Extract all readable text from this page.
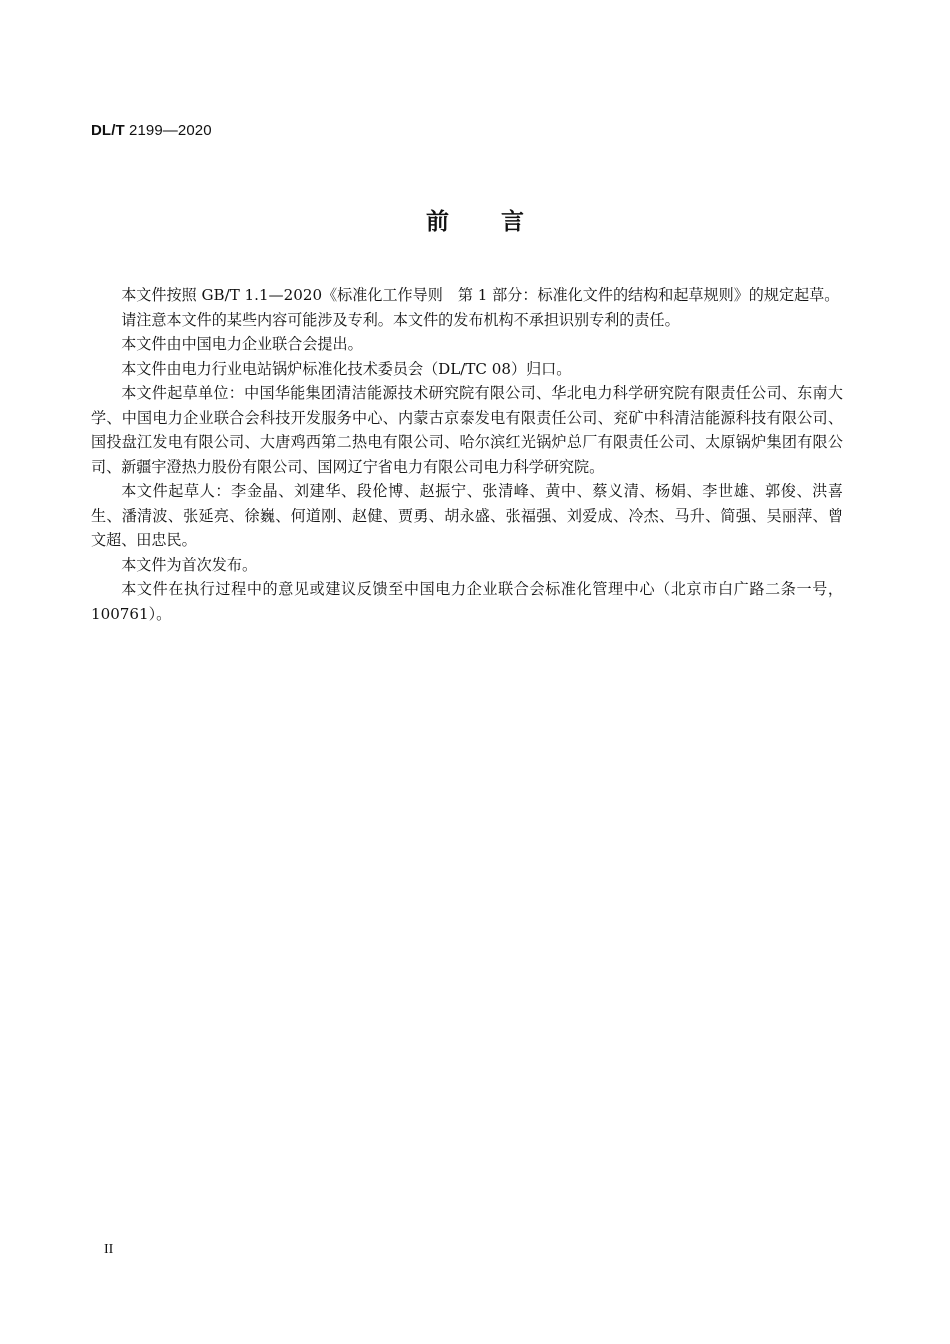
DL/T 2199—2020
前言

本文件按照 GB/T 1.1—2020《标准化工作导则　第 1 部分：标准化文件的结构和起草规则》的规定起草。

请注意本文件的某些内容可能涉及专利。本文件的发布机构不承担识别专利的责任。

本文件由中国电力企业联合会提出。

本文件由电力行业电站锅炉标准化技术委员会（DL/TC 08）归口。

本文件起草单位：中国华能集团清洁能源技术研究院有限公司、华北电力科学研究院有限责任公司、东南大学、中国电力企业联合会科技开发服务中心、内蒙古京泰发电有限责任公司、兖矿中科清洁能源科技有限公司、国投盘江发电有限公司、大唐鸡西第二热电有限公司、哈尔滨红光锅炉总厂有限责任公司、太原锅炉集团有限公司、新疆宇澄热力股份有限公司、国网辽宁省电力有限公司电力科学研究院。

本文件起草人：李金晶、刘建华、段伦博、赵振宁、张清峰、黄中、蔡义清、杨娟、李世雄、郭俊、洪喜生、潘清波、张延亮、徐巍、何道刚、赵健、贾勇、胡永盛、张福强、刘爱成、冷杰、马升、简强、吴丽萍、曾文超、田忠民。

本文件为首次发布。

本文件在执行过程中的意见或建议反馈至中国电力企业联合会标准化管理中心（北京市白广路二条一号，100761）。

II
